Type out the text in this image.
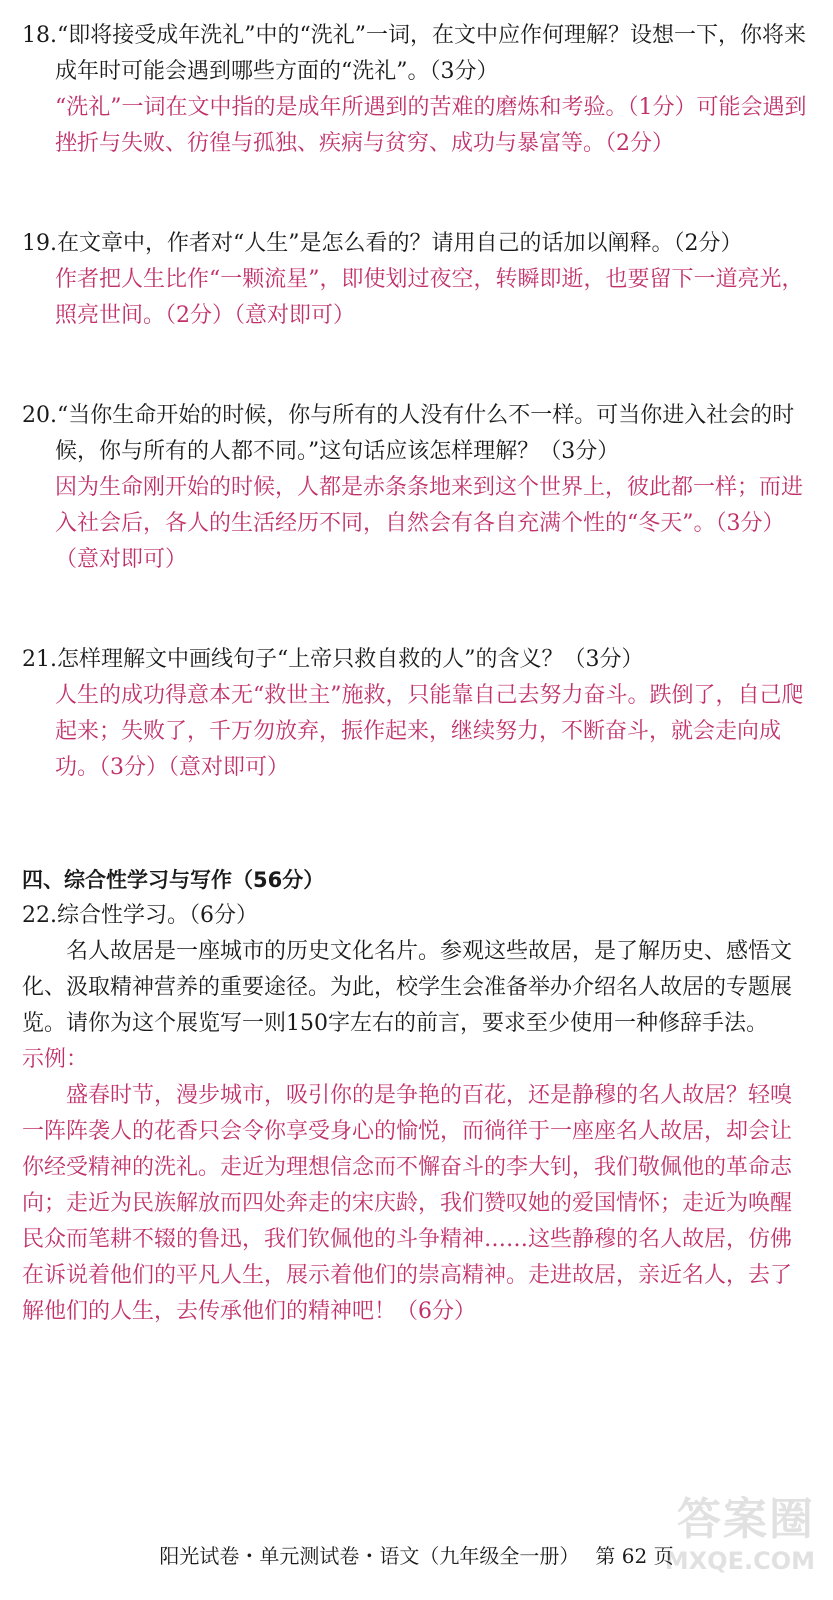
18.“即将接受成年洗礼”中的“洗礼”一词，在文中应作何理解？设想一下，你将来成年时可能会遇到哪些方面的“洗礼”。（3分）

“洗礼”一词在文中指的是成年所遇到的苦难的磨炼和考验。（1分）可能会遇到挫折与失败、彷徨与孤独、疾病与贫穷、成功与暴富等。（2分）

19.在文章中，作者对“人生”是怎么看的？请用自己的话加以阐释。（2分）

作者把人生比作“一颗流星”，即使划过夜空，转瞬即逝，也要留下一道亮光，照亮世间。（2分）（意对即可）

20.“当你生命开始的时候，你与所有的人没有什么不一样。可当你进入社会的时候，你与所有的人都不同。”这句话应该怎样理解？（3分）

因为生命刚开始的时候，人都是赤条条地来到这个世界上，彼此都一样；而进入社会后，各人的生活经历不同，自然会有各自充满个性的“冬天”。（3分）（意对即可）

21.怎样理解文中画线句子“上帝只救自救的人”的含义？（3分）

人生的成功得意本无“救世主”施救，只能靠自己去努力奋斗。跌倒了，自己爬起来；失败了，千万勿放弃，振作起来，继续努力，不断奋斗，就会走向成功。（3分）（意对即可）

四、综合性学习与写作（56分）

22.综合性学习。（6分）

名人故居是一座城市的历史文化名片。参观这些故居，是了解历史、感悟文化、汲取精神营养的重要途径。为此，校学生会准备举办介绍名人故居的专题展览。请你为这个展览写一则150字左右的前言，要求至少使用一种修辞手法。

示例：

盛春时节，漫步城市，吸引你的是争艳的百花，还是静穆的名人故居？轻嗅一阵阵袭人的花香只会令你享受身心的愉悦，而徜徉于一座座名人故居，却会让你经受精神的洗礼。走近为理想信念而不懈奋斗的李大钊，我们敬佩他的革命志向；走近为民族解放而四处奔走的宋庆龄，我们赞叹她的爱国情怀；走近为唤醒民众而笔耕不辍的鲁迅，我们钦佩他的斗争精神……这些静穆的名人故居，仿佛在诉说着他们的平凡人生，展示着他们的崇高精神。走进故居，亲近名人，去了解他们的人生，去传承他们的精神吧！（6分）

答案圈
MXQE.COM
阳光试卷・单元测试卷・语文（九年级全一册） 第 62 页
